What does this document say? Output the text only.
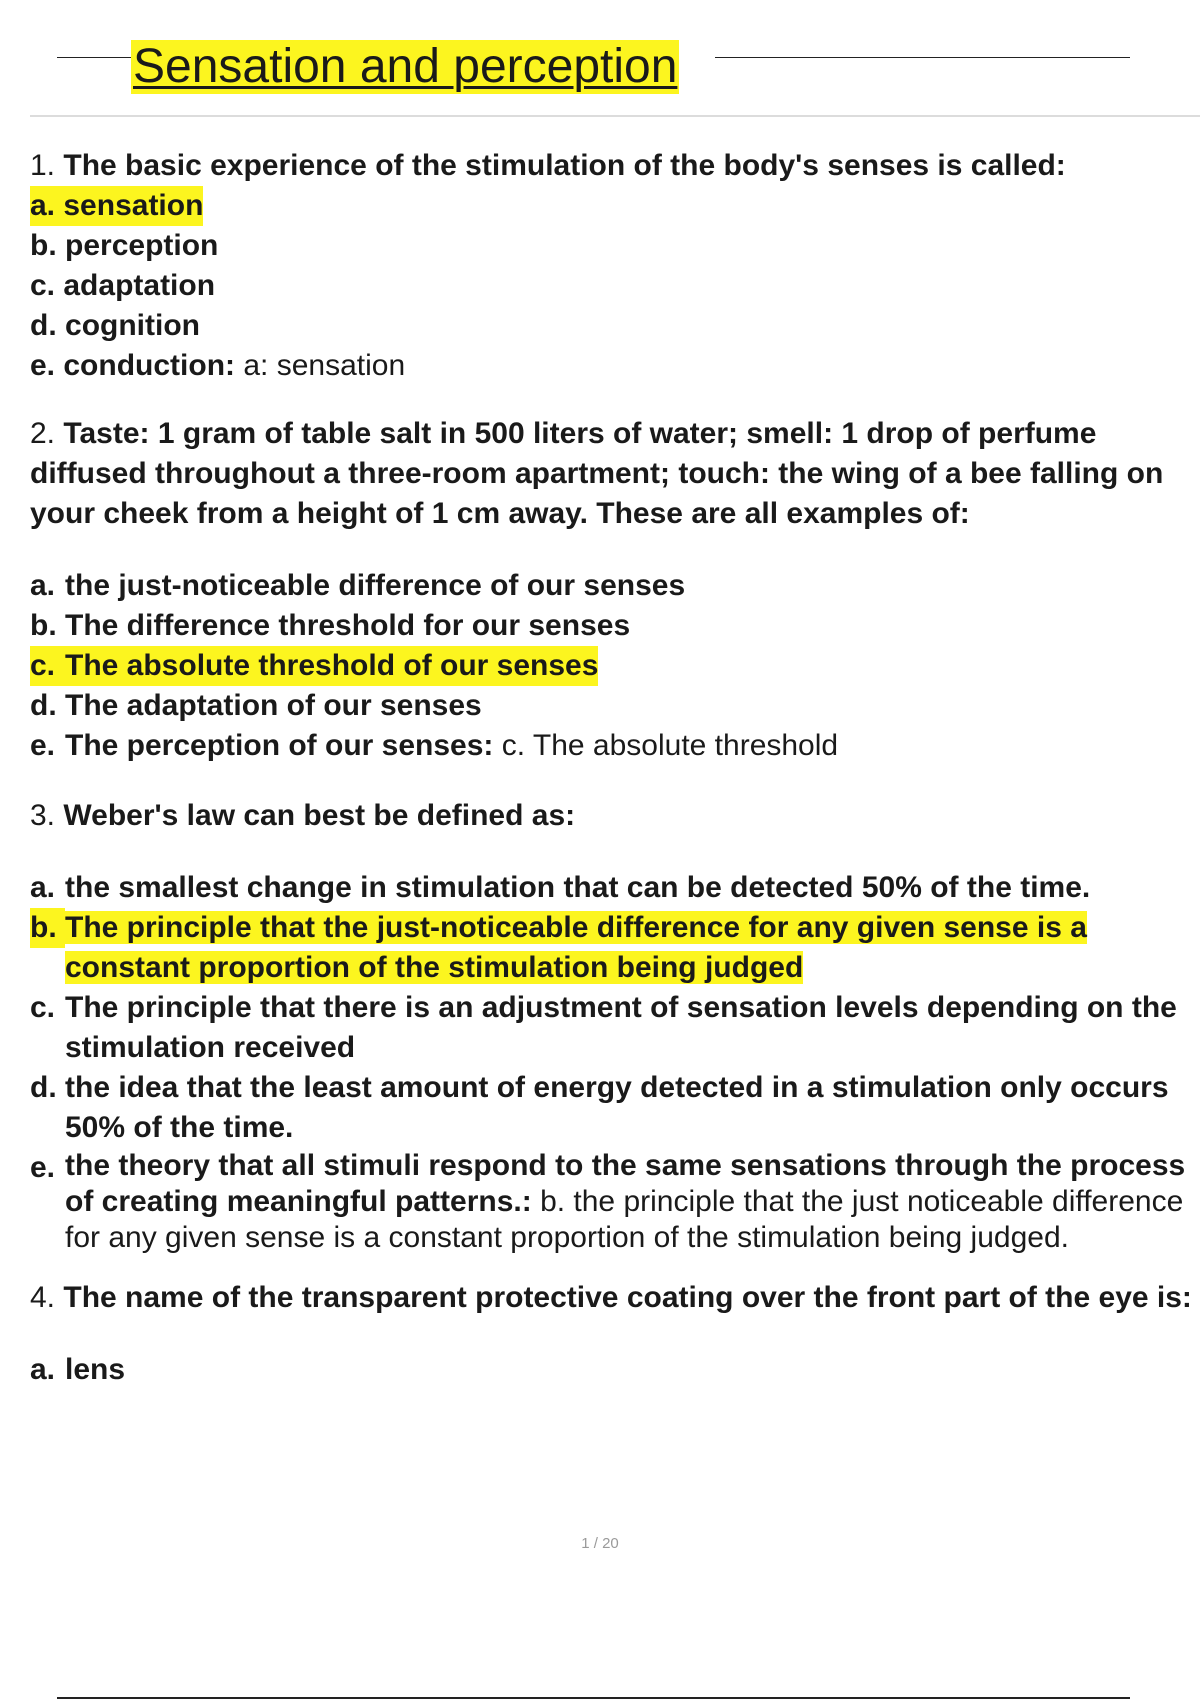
Sensation and perception

1. The basic experience of the stimulation of the body's senses is called:

a. sensation
b. perception
c. adaptation
d. cognition
e. conduction: a: sensation

2. Taste: 1 gram of table salt in 500 liters of water; smell: 1 drop of perfume diffused throughout a three-room apartment; touch: the wing of a bee falling on your cheek from a height of 1 cm away. These are all examples of:

a. the just-noticeable difference of our senses
b. The difference threshold for our senses
c. The absolute threshold of our senses
d. The adaptation of our senses
e. The perception of our senses: c. The absolute threshold

3. Weber's law can best be defined as:

a. the smallest change in stimulation that can be detected 50% of the time.
b. The principle that the just-noticeable difference for any given sense is a constant proportion of the stimulation being judged
c. The principle that there is an adjustment of sensation levels depending on the stimulation received
d. the idea that the least amount of energy detected in a stimulation only occurs 50% of the time.
e. the theory that all stimuli respond to the same sensations through the process of creating meaningful patterns.: b. the principle that the just noticeable difference for any given sense is a constant proportion of the stimulation being judged.

4. The name of the transparent protective coating over the front part of the eye is:

a. lens
1 / 20
